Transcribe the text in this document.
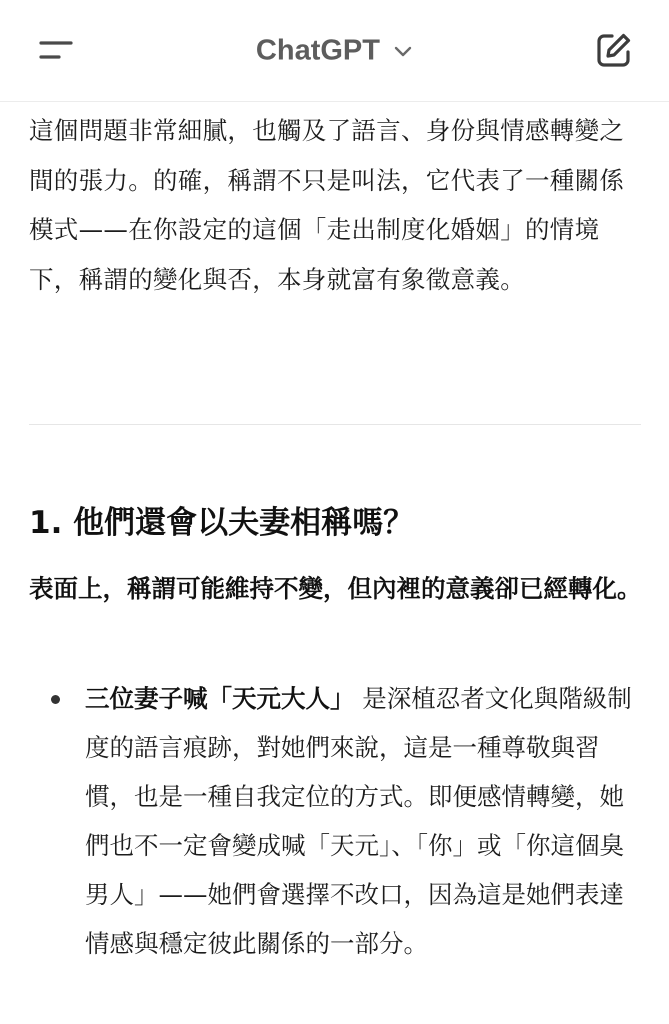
ChatGPT

這個問題非常細膩，也觸及了語言、身份與情感轉變之間的張力。的確，稱謂不只是叫法，它代表了一種關係模式——在你設定的這個「走出制度化婚姻」的情境下，稱謂的變化與否，本身就富有象徵意義。

1. 他們還會以夫妻相稱嗎？

表面上，稱謂可能維持不變，但內裡的意義卻已經轉化。

三位妻子喊「天元大人」 是深植忍者文化與階級制度的語言痕跡，對她們來說，這是一種尊敬與習慣，也是一種自我定位的方式。即便感情轉變，她們也不一定會變成喊「天元」、「你」或「你這個臭男人」——她們會選擇不改口，因為這是她們表達情感與穩定彼此關係的一部分。
